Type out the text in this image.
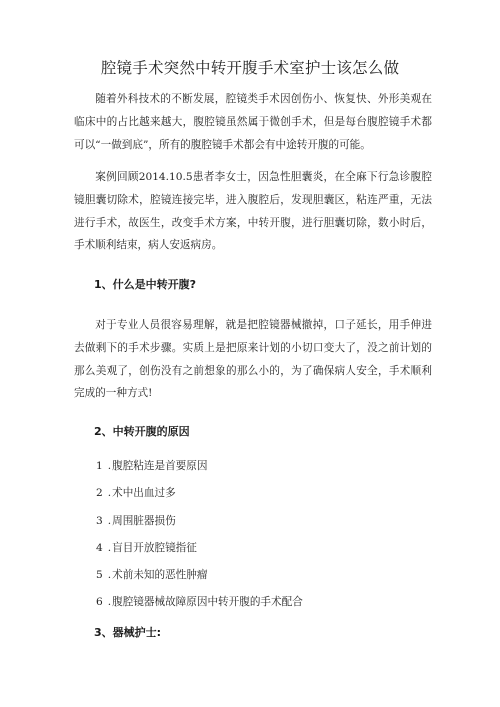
腔镜手术突然中转开腹手术室护士该怎么做

随着外科技术的不断发展，腔镜类手术因创伤小、恢复快、外形美观在临床中的占比越来越大，腹腔镜虽然属于微创手术，但是每台腹腔镜手术都可以“一做到底”，所有的腹腔镜手术都会有中途转开腹的可能。

案例回顾2014.10.5患者李女士，因急性胆囊炎，在全麻下行急诊腹腔镜胆囊切除术，腔镜连接完毕，进入腹腔后，发现胆囊区，粘连严重，无法进行手术，故医生，改变手术方案，中转开腹，进行胆囊切除，数小时后，手术顺利结束，病人安返病房。

1、什么是中转开腹?

对于专业人员很容易理解，就是把腔镜器械撤掉，口子延长，用手伸进去做剩下的手术步骤。实质上是把原来计划的小切口变大了，没之前计划的那么美观了，创伤没有之前想象的那么小的，为了确保病人安全，手术顺利完成的一种方式!

2、中转开腹的原因
1 .腹腔粘连是首要原因
2 .术中出血过多
3 .周围脏器损伤
4 .盲目开放腔镜指征
5 .术前未知的恶性肿瘤
6 .腹腔镜器械故障原因中转开腹的手术配合
3、器械护士:
